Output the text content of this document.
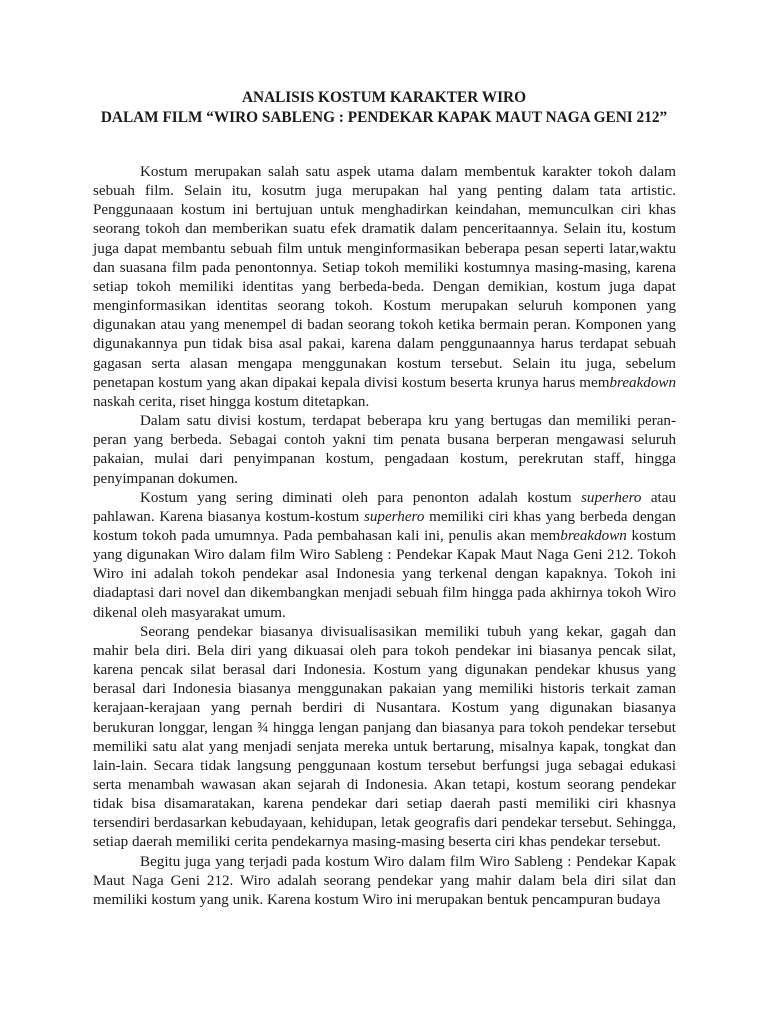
ANALISIS KOSTUM KARAKTER WIRO
DALAM FILM “WIRO SABLENG : PENDEKAR KAPAK MAUT NAGA GENI 212”

Kostum merupakan salah satu aspek utama dalam membentuk karakter tokoh dalam sebuah film. Selain itu, kosutm juga merupakan hal yang penting dalam tata artistic. Penggunaaan kostum ini bertujuan untuk menghadirkan keindahan, memunculkan ciri khas seorang tokoh dan memberikan suatu efek dramatik dalam penceritaannya. Selain itu, kostum juga dapat membantu sebuah film untuk menginformasikan beberapa pesan seperti latar,waktu dan suasana film pada penontonnya. Setiap tokoh memiliki kostumnya masing-masing, karena setiap tokoh memiliki identitas yang berbeda-beda. Dengan demikian, kostum juga dapat menginformasikan identitas seorang tokoh. Kostum merupakan seluruh komponen yang digunakan atau yang menempel di badan seorang tokoh ketika bermain peran. Komponen yang digunakannya pun tidak bisa asal pakai, karena dalam penggunaannya harus terdapat sebuah gagasan serta alasan mengapa menggunakan kostum tersebut. Selain itu juga, sebelum penetapan kostum yang akan dipakai kepala divisi kostum beserta krunya harus membreakdown naskah cerita, riset hingga kostum ditetapkan.

Dalam satu divisi kostum, terdapat beberapa kru yang bertugas dan memiliki peran-peran yang berbeda. Sebagai contoh yakni tim penata busana berperan mengawasi seluruh pakaian, mulai dari penyimpanan kostum, pengadaan kostum, perekrutan staff, hingga penyimpanan dokumen.

Kostum yang sering diminati oleh para penonton adalah kostum superhero atau pahlawan. Karena biasanya kostum-kostum superhero memiliki ciri khas yang berbeda dengan kostum tokoh pada umumnya. Pada pembahasan kali ini, penulis akan membreakdown kostum yang digunakan Wiro dalam film Wiro Sableng : Pendekar Kapak Maut Naga Geni 212. Tokoh Wiro ini adalah tokoh pendekar asal Indonesia yang terkenal dengan kapaknya. Tokoh ini diadaptasi dari novel dan dikembangkan menjadi sebuah film hingga pada akhirnya tokoh Wiro dikenal oleh masyarakat umum.

Seorang pendekar biasanya divisualisasikan memiliki tubuh yang kekar, gagah dan mahir bela diri. Bela diri yang dikuasai oleh para tokoh pendekar ini biasanya pencak silat, karena pencak silat berasal dari Indonesia. Kostum yang digunakan pendekar khusus yang berasal dari Indonesia biasanya menggunakan pakaian yang memiliki historis terkait zaman kerajaan-kerajaan yang pernah berdiri di Nusantara. Kostum yang digunakan biasanya berukuran longgar, lengan ¾ hingga lengan panjang dan biasanya para tokoh pendekar tersebut memiliki satu alat yang menjadi senjata mereka untuk bertarung, misalnya kapak, tongkat dan lain-lain. Secara tidak langsung penggunaan kostum tersebut berfungsi juga sebagai edukasi serta menambah wawasan akan sejarah di Indonesia. Akan tetapi, kostum seorang pendekar tidak bisa disamaratakan, karena pendekar dari setiap daerah pasti memiliki ciri khasnya tersendiri berdasarkan kebudayaan, kehidupan, letak geografis dari pendekar tersebut. Sehingga, setiap daerah memiliki cerita pendekarnya masing-masing beserta ciri khas pendekar tersebut.

Begitu juga yang terjadi pada kostum Wiro dalam film Wiro Sableng : Pendekar Kapak Maut Naga Geni 212. Wiro adalah seorang pendekar yang mahir dalam bela diri silat dan memiliki kostum yang unik. Karena kostum Wiro ini merupakan bentuk pencampuran budaya
